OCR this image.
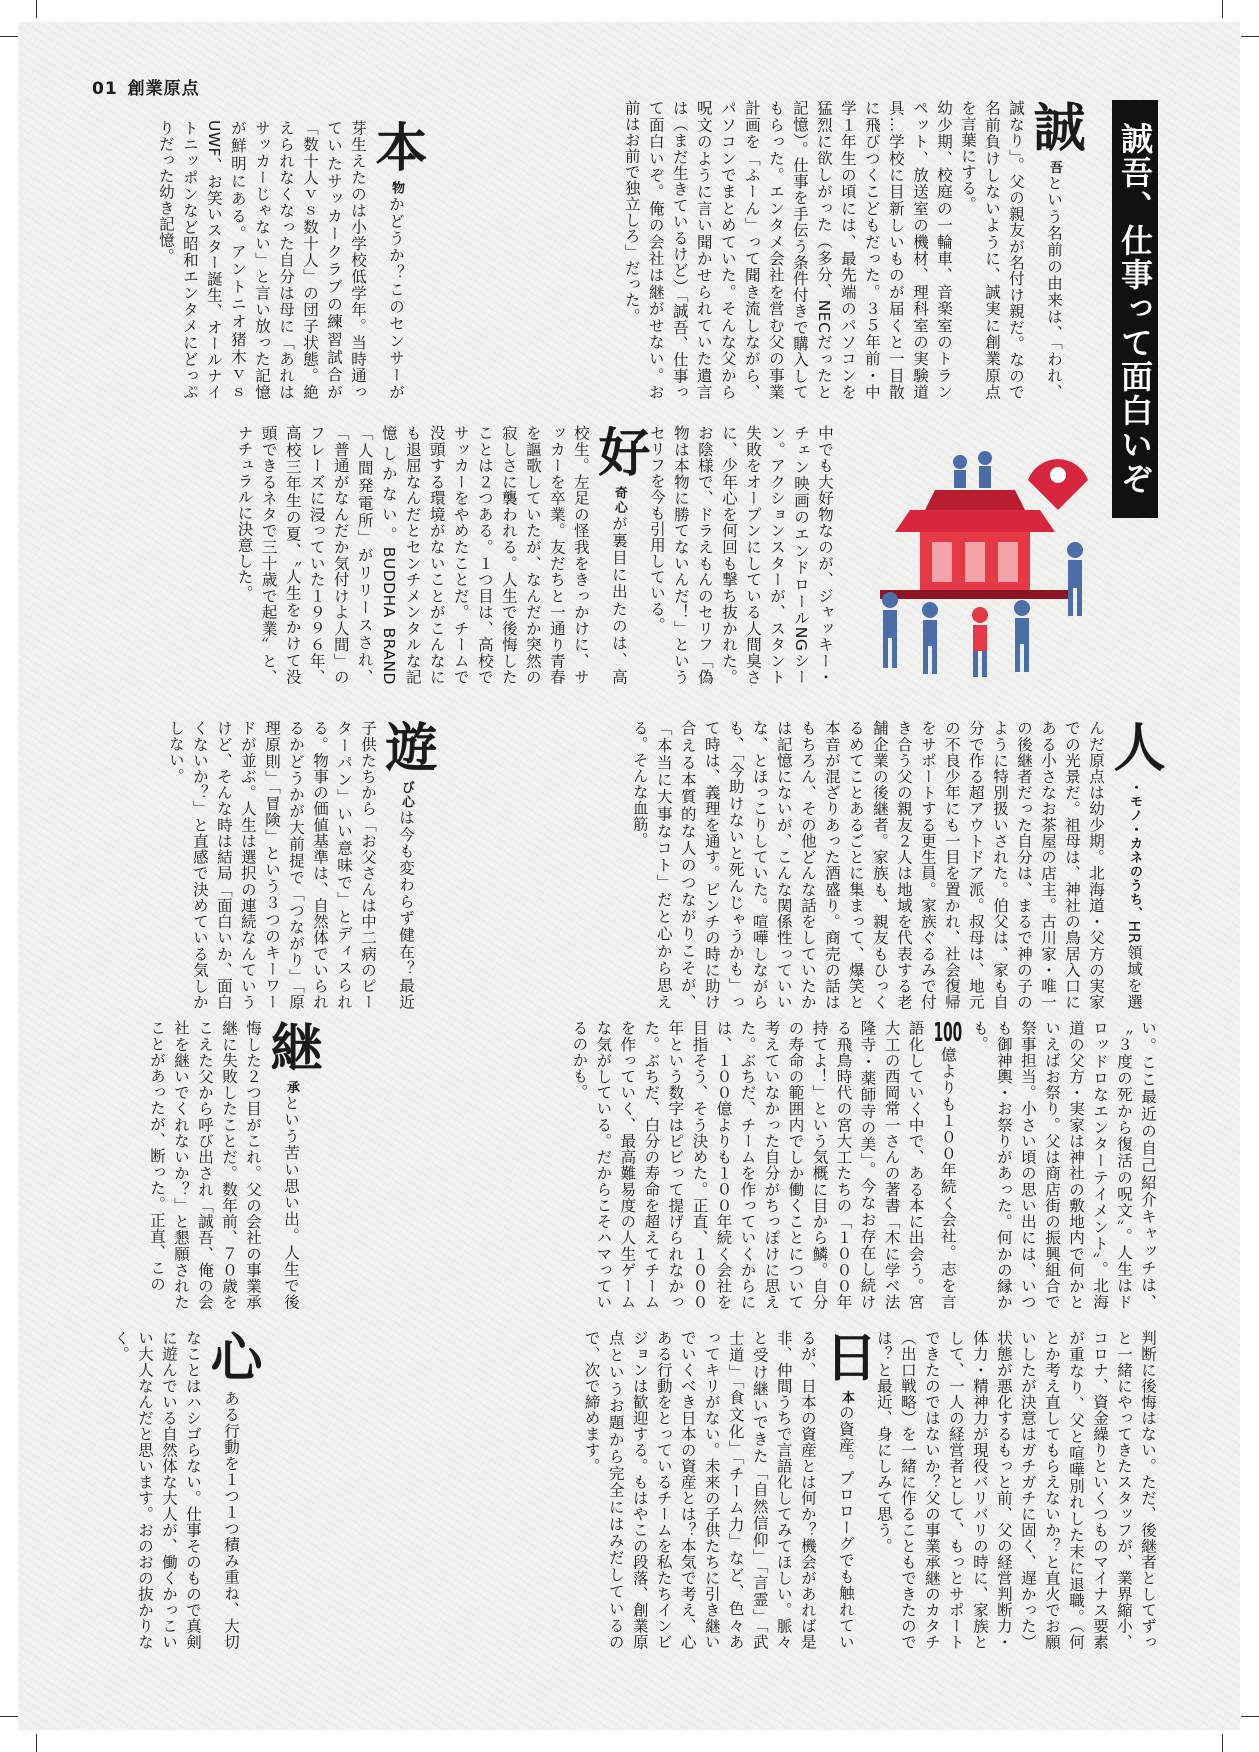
01 創業原点
誠吾、仕事って面白いぞ
誠吾という名前の由来は、「われ、誠なり」。父の親友が名付け親だ。なので名前負けしないように、誠実に創業原点を言葉にする。
幼少期、校庭の一輪車、音楽室のトランペット、放送室の機材、理科室の実験道具…学校に目新しいものが届くと一目散に飛びつくこどもだった。３５年前・中学１年生の頃には、最先端のパソコンを猛烈に欲しがった（多分、NECだったと記憶）。仕事を手伝う条件付きで購入してもらった。エンタメ会社を営む父の事業計画を「ふーん」って聞き流しながら、パソコンでまとめていた。そんな父から呪文のように言い聞かせられていた遺言は（まだ生きているけど）「誠吾、仕事って面白いぞ。俺の会社は継がせない。お前はお前で独立しろ」だった。
本物かどうか？このセンサーが芽生えたのは小学校低学年。当時通っていたサッカークラブの練習試合が「数十人ｖｓ数十人」の団子状態。絶えられなくなった自分は母に「あれはサッカーじゃない」と言い放った記憶が鮮明にある。アントニオ猪木ｖｓUWF、お笑いスター誕生、オールナイトニッポンなど昭和エンタメにどっぷりだった幼き記憶。
中でも大好物なのが、ジャッキー・チェン映画のエンドロールNGシーン。アクションスターが、スタント失敗をオープンにしている人間臭さに、少年心を何回も撃ち抜かれた。お陰様で、ドラえもんのセリフ「偽物は本物に勝てないんだ！」というセリフを今も引用している。
好奇心が裏目に出たのは、高校生。左足の怪我をきっかけに、サッカーを卒業。友だちと一通り青春を謳歌していたが、なんだか突然の寂しさに襲われる。人生で後悔したことは２つある。１つ目は、高校でサッカーをやめたことだ。チームで没頭する環境がないことがこんなにも退屈なんだとセンチメンタルな記憶しかない。BUDDHA BRAND「人間発電所」がリリースされ、「普通がなんだか気付けよ人間」のフレーズに浸っていた１９９６年、高校三年生の夏、〝人生をかけて没頭できるネタで三十歳で起業〟と、ナチュラルに決意した。
人・モノ・カネのうち、HR領域を選んだ原点は幼少期。北海道・父方の実家での光景だ。祖母は、神社の鳥居入口にある小さなお茶屋の店主。古川家・唯一の後継者だった自分は、まるで神の子のように特別扱いされた。伯父は、家も自分で作る超アウトドア派。叔母は、地元の不良少年にも一目を置かれ、社会復帰をサポートする更生員。家族ぐるみで付き合う父の親友２人は地域を代表する老舗企業の後継者。家族も、親友もひっくるめてことあるごとに集まって、爆笑と本音が混ざりあった酒盛り。商売の話はもちろん、その他どんな話をしていたかは記憶にないが、こんな関係性っていいな、とほっこりしていた。喧嘩しながらも、「今助けないと死んじゃうかも」って時は、義理を通す。ピンチの時に助け合える本質的な人のつながりこそが、「本当に大事なコト」だと心から思える。そんな血筋。
遊び心は今も変わらず健在？最近子供たちから「お父さんは中二病のピーターパン」いい意味で」とディスられる。物事の価値基準は、自然体でいられるかどうかが大前提で「つながり」「原理原則」「冒険」という３つのキーワードが並ぶ。人生は選択の連続なんていうけど、そんな時は結局「面白いか、面白くないか？」と直感で決めている気しかしない。
い。ここ最近の自己紹介キャッチは、〝３度の死から復活の呪文〟。人生はドロッドロなエンターテイメント〟。北海道の父方・実家は神社の敷地内で何かといえばお祭り。父は商店街の振興組合で祭事担当。小さい頃の思い出には、いつも御神輿・お祭りがあった。何かの縁かも。
100億よりも１００年続く会社。志を言語化していく中で、ある本に出会う。宮大工の西岡常一さんの著書「木に学べ法隆寺・薬師寺の美」。今なお存在し続ける飛鳥時代の宮大工たちの「１０００年持てよ！」という気概に目から鱗。自分の寿命の範囲内でしか働くことについて考えていなかった自分がちっぽけに思えた。ぶちだ、チームを作っていくからには、１００億よりも１００年続く会社を目指そう、そう決めた。正直、１０００年という数字はピビって提げられなかった。ぶちだ、白分の寿命を超えてチームを作っていく、最高難易度の人生ゲームな気がしている。だからこそハマっているのかも。
継承という苦い思い出。人生で後悔した２つ目がこれ。父の会社の事業承継に失敗したことだ。数年前、７０歳をこえた父から呼び出され「誠吾、俺の会社を継いでくれないか？」と懇願されたことがあったが、断った。正直、この
判断に後悔はない。ただ、後継者としてずっと一緒にやってきたスタッフが、業界縮小、コロナ、資金繰りといくつものマイナス要素が重なり、父と喧嘩別れした末に退職。（何とか考え直してもらえないか？と直火でお願いしたが決意はガチガチに固く、遅かった）状態が悪化するもっと前、父の経営判断力・体力・精神力が現役バリバリの時に、家族として、一人の経営者として、もっとサポートできたのではないか？父の事業承継のカタチ（出口戦略）を一緒に作ることもできたのでは？と最近、身にしみて思う。
日本の資産。プロローグでも触れているが、日本の資産とは何か？機会があれば是非、仲間うちで言語化してみてほしい。脈々と受け継いできた「自然信仰」「言霊」「武士道」「食文化」「チーム力」など、色々あってキリがない。未来の子供たちに引き継いでいくべき日本の資産とは？本気で考え、心ある行動をとっているチームを私たちインビジョンは歓迎する。もはやこの段落、創業原点というお題から完全にはみだしているので、次で締めます。
心ある行動を１つ１つ積み重ね、大切なことはハシゴらない。仕事そのもので真剣に遊んでいる自然体な大人が、働くかっこいい大人なんだと思います。おのおの抜かりなく。
